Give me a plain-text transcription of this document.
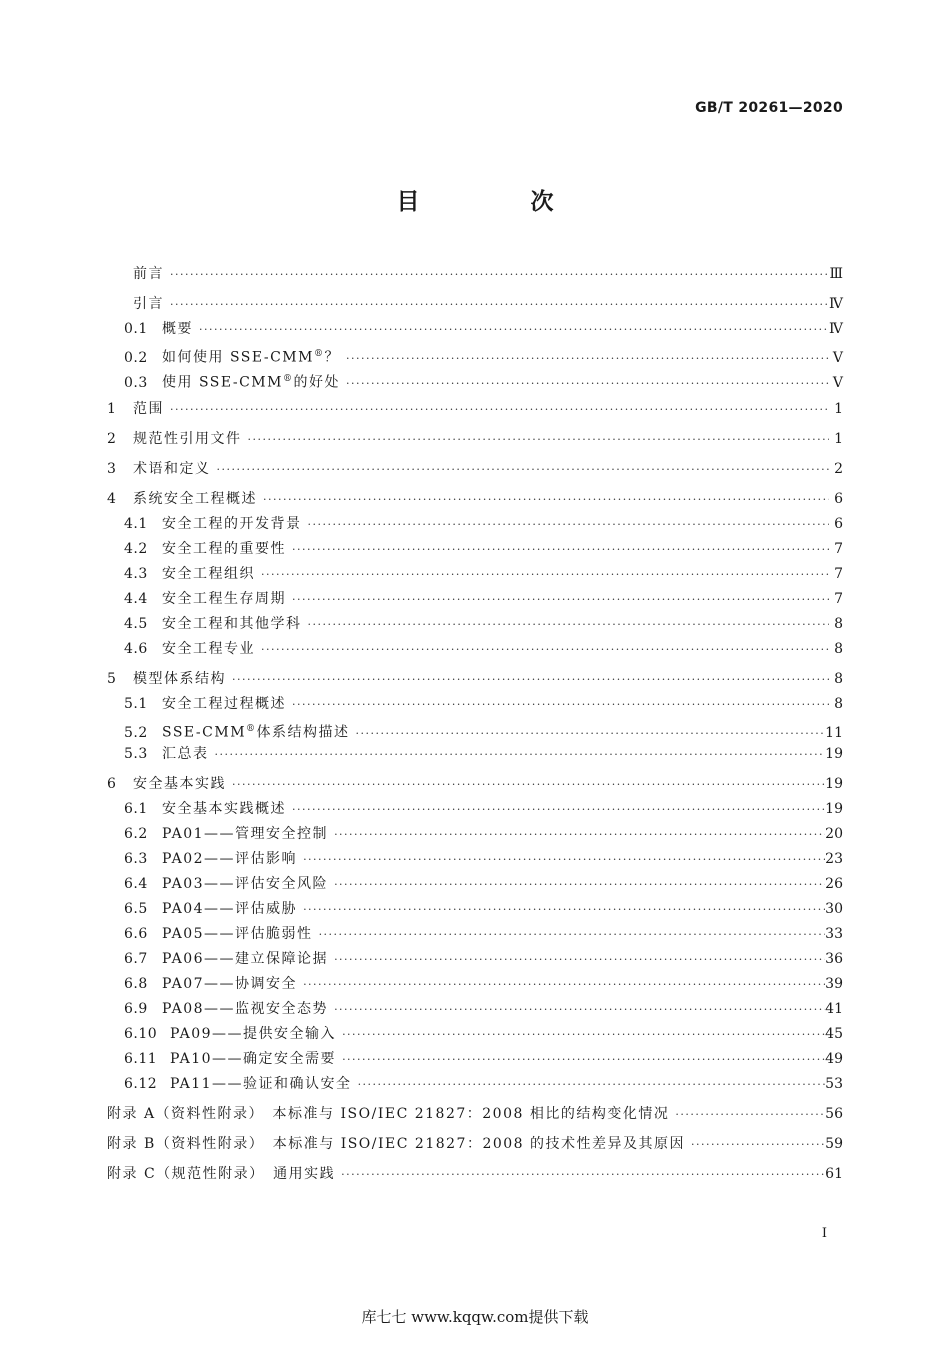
GB/T 20261—2020
目　次
前言 ·····	Ⅲ
引言 ·····	Ⅳ
0.1	概要 ·····	Ⅳ
0.2	如何使用 SSE-CMM®？ ·····	Ⅴ
0.3	使用 SSE-CMM®的好处 ·····	Ⅴ
1	范围 ·····	1
2	规范性引用文件 ·····	1
3	术语和定义 ·····	2
4	系统安全工程概述 ·····	6
4.1	安全工程的开发背景 ·····	6
4.2	安全工程的重要性 ·····	7
4.3	安全工程组织 ·····	7
4.4	安全工程生存周期 ·····	7
4.5	安全工程和其他学科 ·····	8
4.6	安全工程专业 ·····	8
5	模型体系结构 ·····	8
5.1	安全工程过程概述 ·····	8
5.2	SSE-CMM®体系结构描述 ·····	11
5.3	汇总表 ·····	19
6	安全基本实践 ·····	19
6.1	安全基本实践概述 ·····	19
6.2	PA01——管理安全控制 ·····	20
6.3	PA02——评估影响 ·····	23
6.4	PA03——评估安全风险 ·····	26
6.5	PA04——评估威胁 ·····	30
6.6	PA05——评估脆弱性 ·····	33
6.7	PA06——建立保障论据 ·····	36
6.8	PA07——协调安全 ·····	39
6.9	PA08——监视安全态势 ·····	41
6.10 PA09——提供安全输入 ·····	45
6.11 PA10——确定安全需要 ·····	49
6.12 PA11——验证和确认安全 ·····	53
附录 A（资料性附录）　本标准与 ISO/IEC 21827：2008 相比的结构变化情况 ·····	56
附录 B（资料性附录）　本标准与 ISO/IEC 21827：2008 的技术性差异及其原因 ·····	59
附录 C（规范性附录）　通用实践 ·····	61
I
库七七 www.kqqw.com提供下载
